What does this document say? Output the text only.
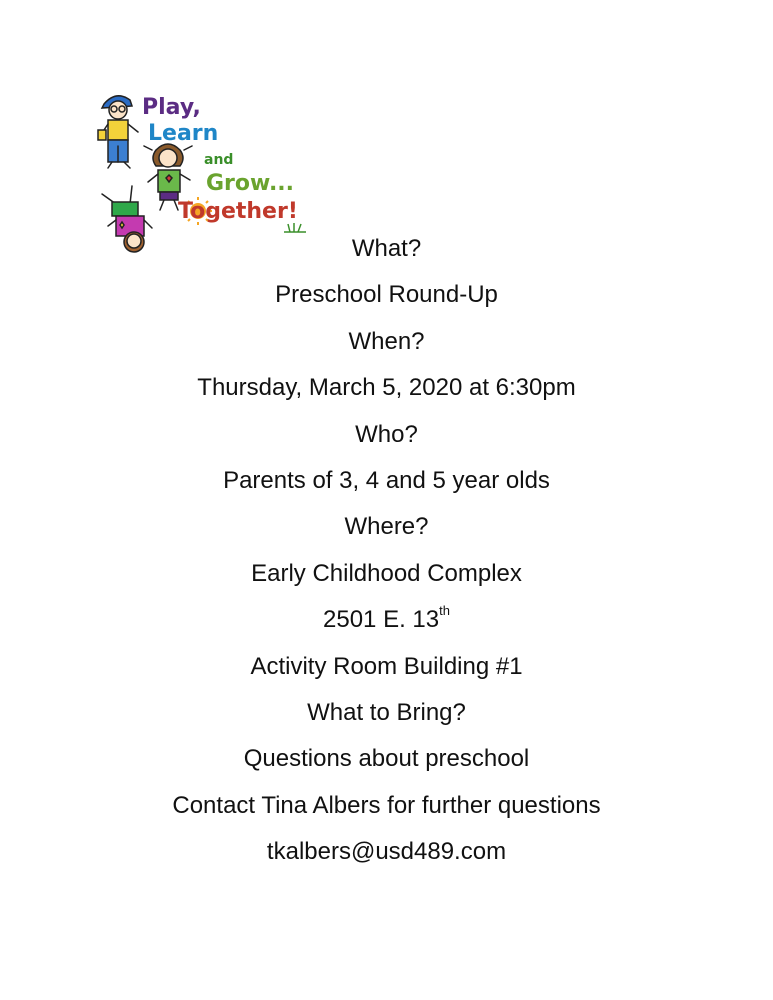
Play,
Learn
and
Grow...
Together!
What?
Preschool Round-Up
When?
Thursday, March 5, 2020 at 6:30pm
Who?
Parents of 3, 4 and 5 year olds
Where?
Early Childhood Complex
2501 E. 13th
Activity Room Building #1
What to Bring?
Questions about preschool
Contact Tina Albers for further questions
tkalbers@usd489.com
